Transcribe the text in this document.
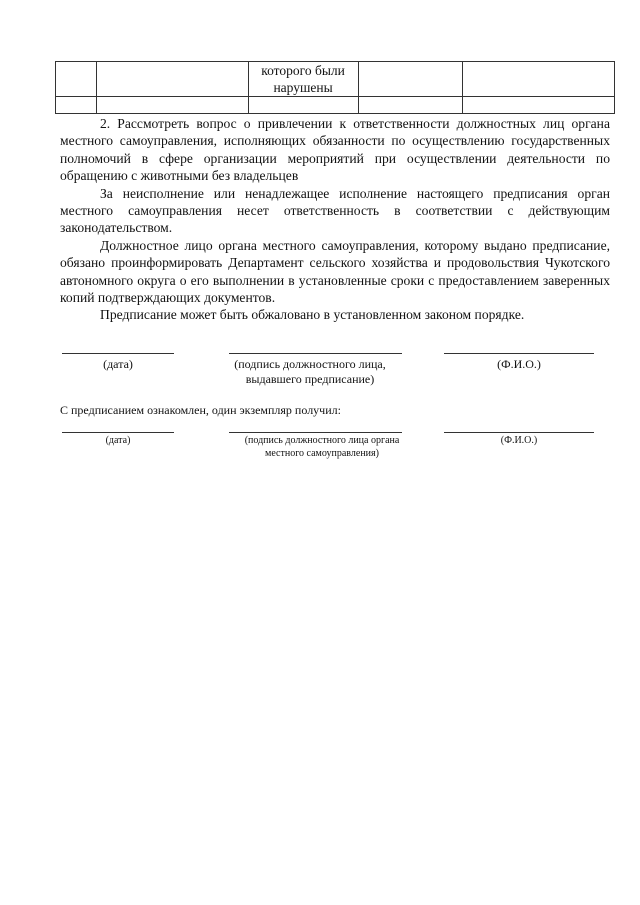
		которого были нарушены		

2. Рассмотреть вопрос о привлечении к ответственности должностных лиц органа местного самоуправления, исполняющих обязанности по осуществлению государственных полномочий в сфере организации мероприятий при осуществлении деятельности по обращению с животными без владельцев

За неисполнение или ненадлежащее исполнение настоящего предписания орган местного самоуправления несет ответственность в соответствии с действующим законодательством.

Должностное лицо органа местного самоуправления, которому выдано предписание, обязано проинформировать Департамент сельского хозяйства и продовольствия Чукотского автономного округа о его выполнении в установленные сроки с предоставлением заверенных копий подтверждающих документов.

Предписание может быть обжаловано в установленном законом порядке.

(дата)	(подпись должностного лица,
выдавшего предписание)
(Ф.И.О.)
С предписанием ознакомлен, один экземпляр получил:
(дата)	(подпись должностного лица органа
местного самоуправления)
(Ф.И.О.)
